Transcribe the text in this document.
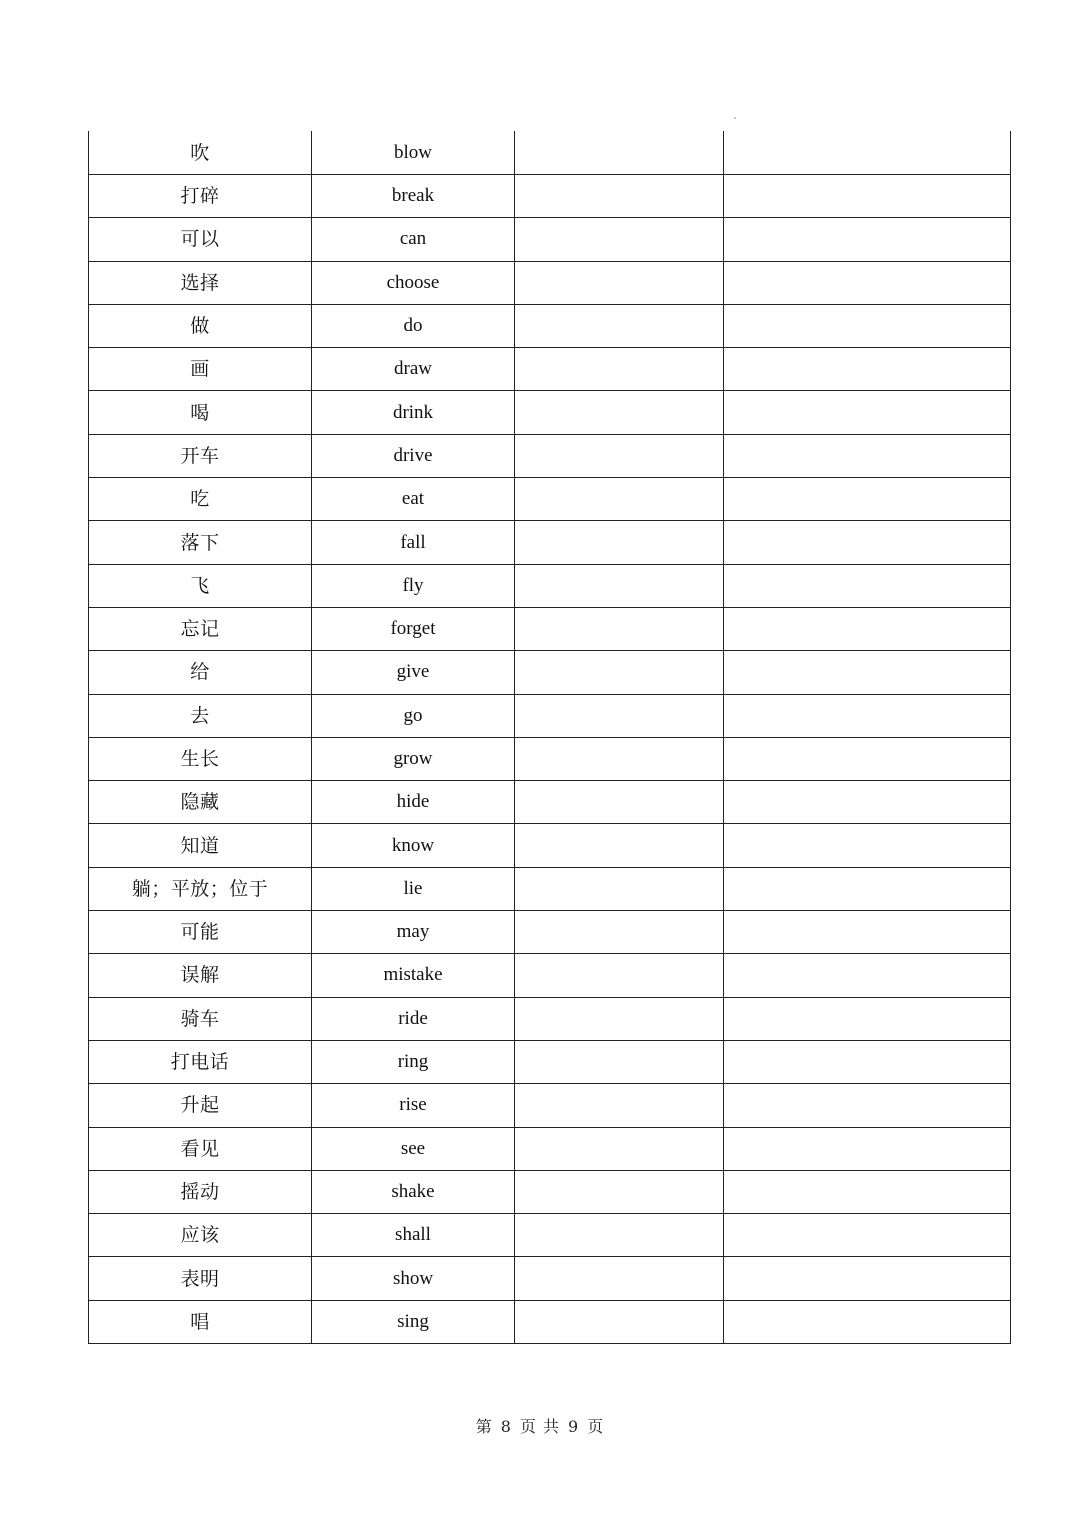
吹	blow		
打碎	break		
可以	can		
选择	choose		
做	do		
画	draw		
喝	drink		
开车	drive		
吃	eat		
落下	fall		
飞	fly		
忘记	forget		
给	give		
去	go		
生长	grow		
隐藏	hide		
知道	know		
躺；平放；位于	lie		
可能	may		
误解	mistake		
骑车	ride		
打电话	ring		
升起	rise		
看见	see		
摇动	shake		
应该	shall		
表明	show		
唱	sing		
第 8 页 共 9 页
